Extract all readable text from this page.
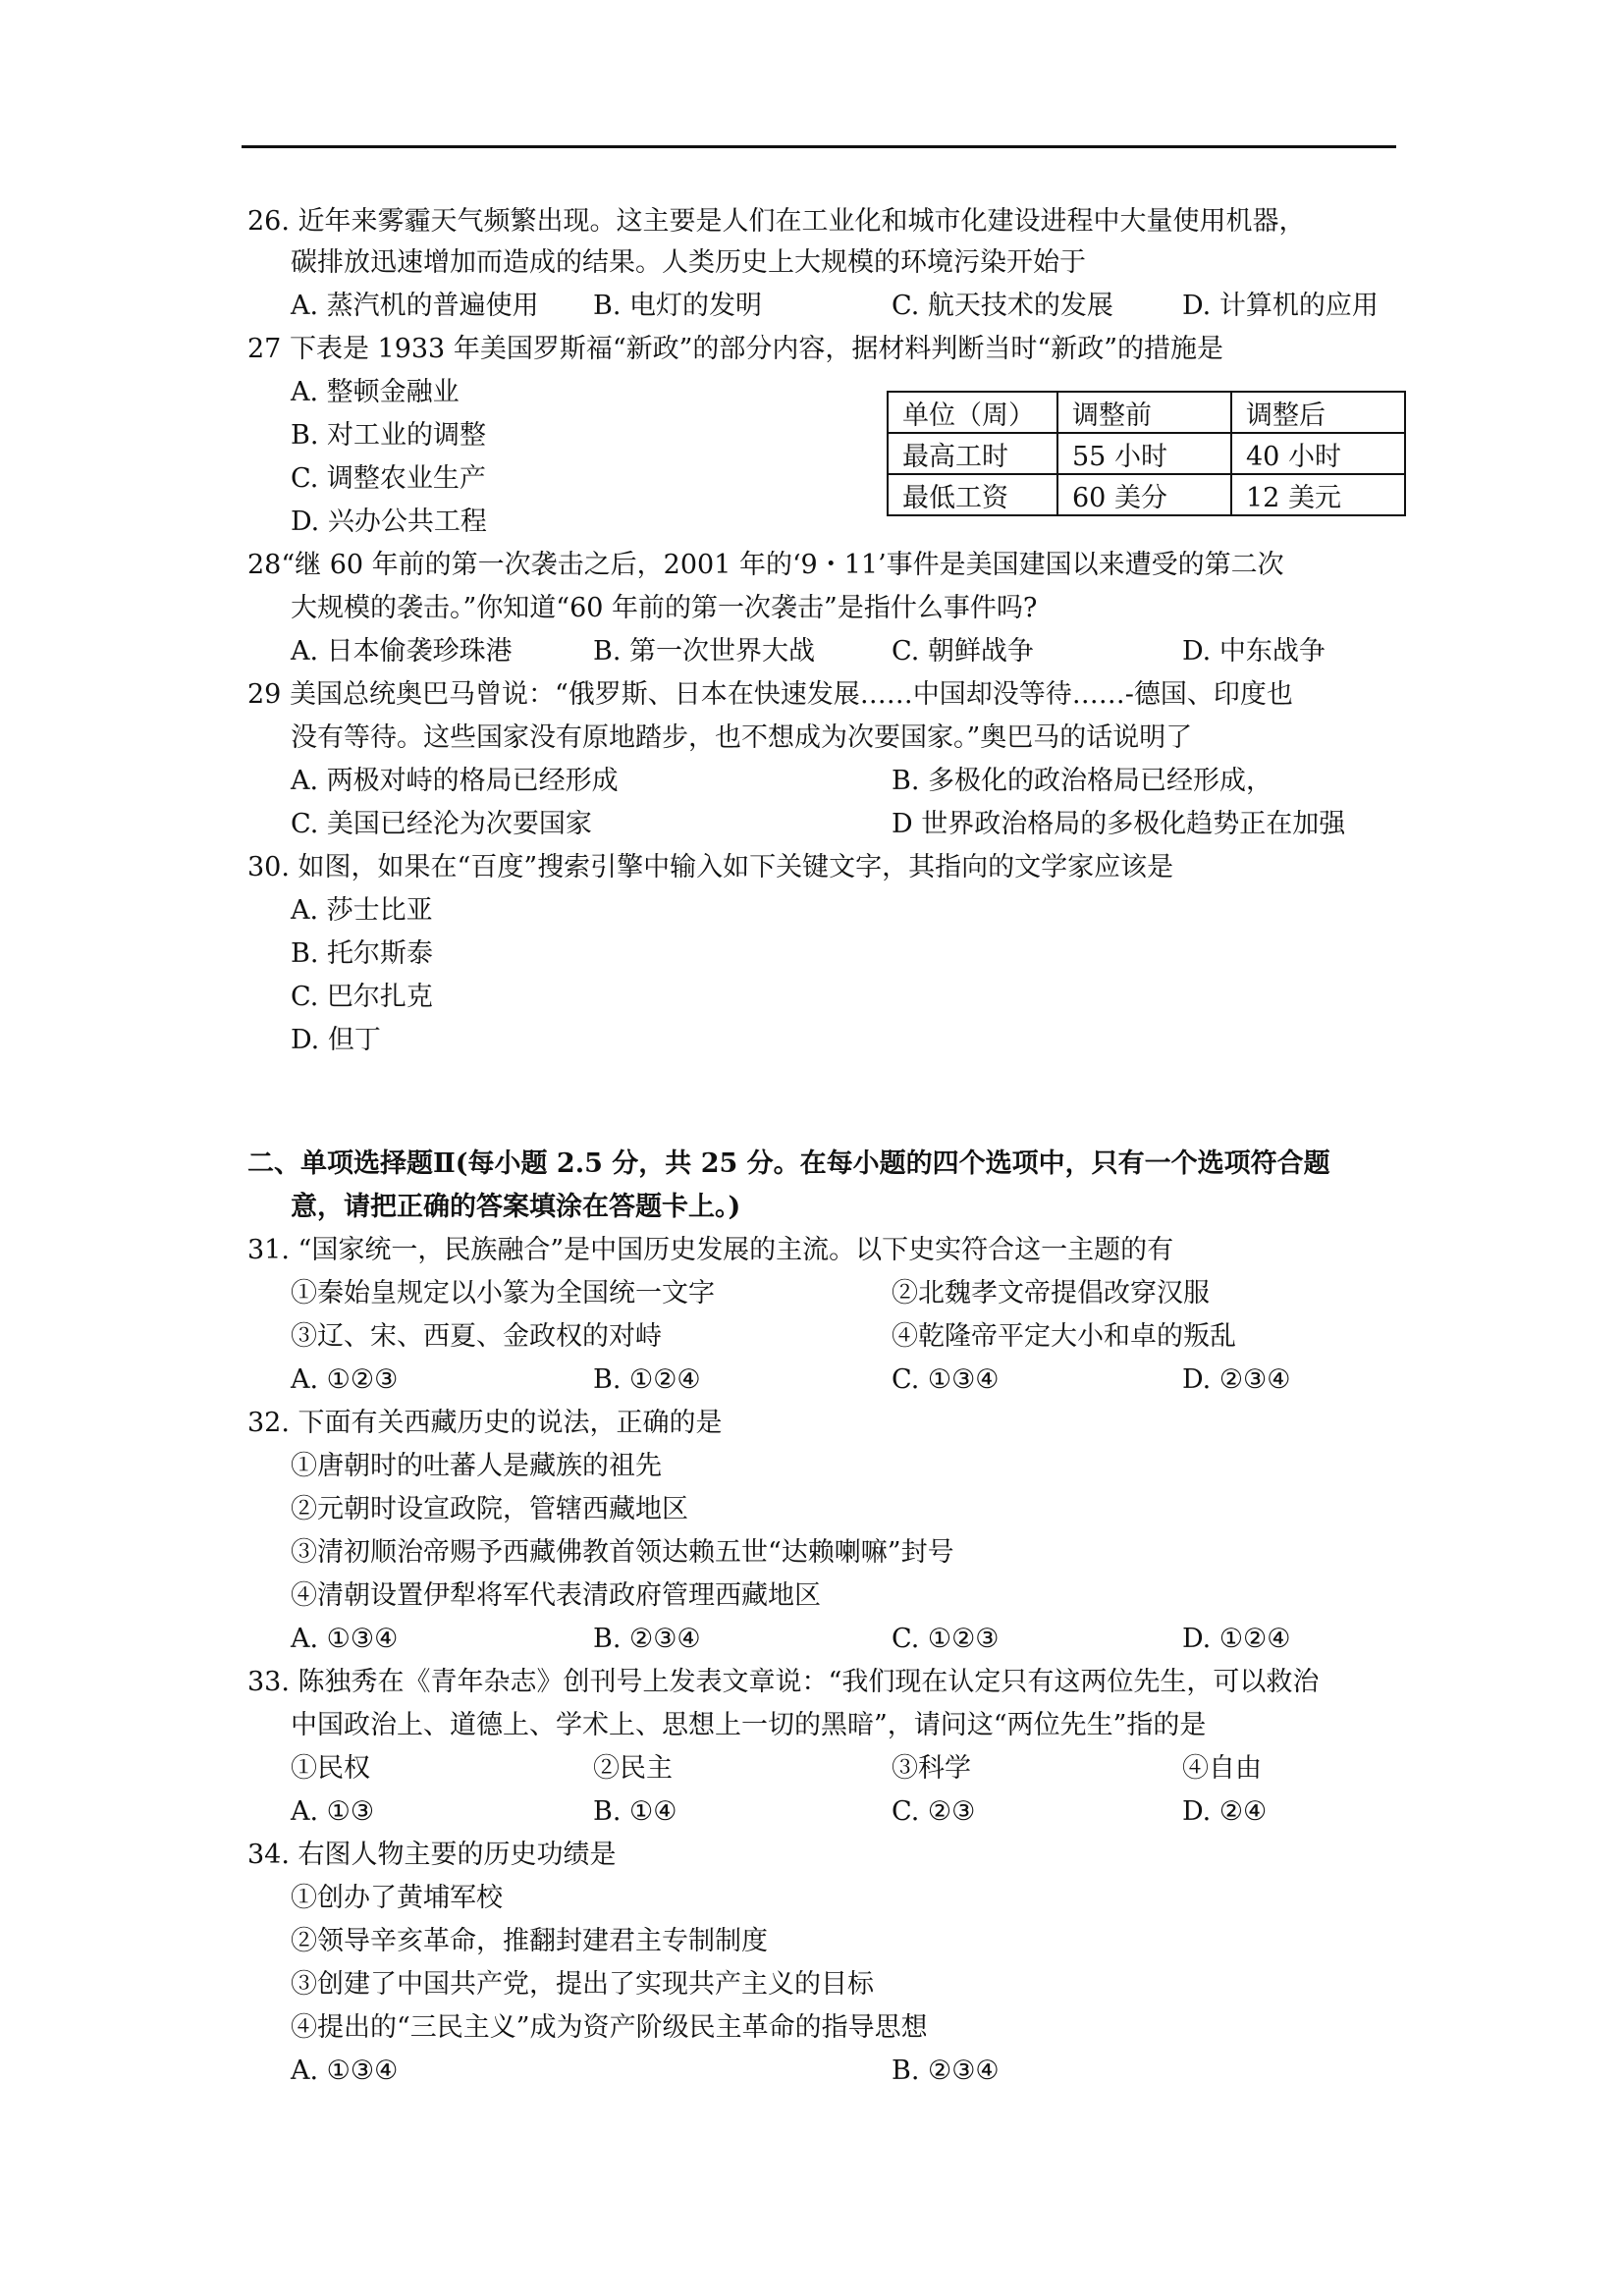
26. 近年来雾霾天气频繁出现。这主要是人们在工业化和城市化建设进程中大量使用机器，
碳排放迅速增加而造成的结果。人类历史上大规模的环境污染开始于
A. 蒸汽机的普遍使用 B. 电灯的发明	C. 航天技术的发展	D. 计算机的应用
27 下表是 1933 年美国罗斯福“新政”的部分内容，据材料判断当时“新政”的措施是
A. 整顿金融业
B. 对工业的调整
C. 调整农业生产
D. 兴办公共工程
单位（周）	调整前	调整后
最高工时	55 小时	40 小时
最低工资	60 美分	12 美元
28“继 60 年前的第一次袭击之后，2001 年的‘9・11’事件是美国建国以来遭受的第二次
大规模的袭击。”你知道“60 年前的第一次袭击”是指什么事件吗?
A. 日本偷袭珍珠港	B. 第一次世界大战	C. 朝鲜战争	D. 中东战争
29 美国总统奥巴马曾说：“俄罗斯、日本在快速发展……中国却没等待……-德国、印度也
没有等待。这些国家没有原地踏步，也不想成为次要国家。”奥巴马的话说明了
A. 两极对峙的格局已经形成	B. 多极化的政治格局已经形成，
C. 美国已经沦为次要国家	D 世界政治格局的多极化趋势正在加强
30. 如图，如果在“百度”搜索引擎中输入如下关键文字，其指向的文学家应该是
A. 莎士比亚
B. 托尔斯泰
C. 巴尔扎克
D. 但丁
二、单项选择题Ⅱ(每小题 2.5 分，共 25 分。在每小题的四个选项中，只有一个选项符合题
意，请把正确的答案填涂在答题卡上。)
31. “国家统一，民族融合”是中国历史发展的主流。以下史实符合这一主题的有
①秦始皇规定以小篆为全国统一文字	②北魏孝文帝提倡改穿汉服
③辽、宋、西夏、金政权的对峙	④乾隆帝平定大小和卓的叛乱
A. ①②③	B. ①②④	C. ①③④	D. ②③④
32. 下面有关西藏历史的说法，正确的是
①唐朝时的吐蕃人是藏族的祖先
②元朝时设宣政院，管辖西藏地区
③清初顺治帝赐予西藏佛教首领达赖五世“达赖喇嘛”封号
④清朝设置伊犁将军代表清政府管理西藏地区
A. ①③④	B. ②③④	C. ①②③	D. ①②④
33. 陈独秀在《青年杂志》创刊号上发表文章说：“我们现在认定只有这两位先生，可以救治
中国政治上、道德上、学术上、思想上一切的黑暗”，请问这“两位先生”指的是
①民权	②民主	③科学	④自由
A. ①③	B. ①④	C. ②③	D. ②④
34. 右图人物主要的历史功绩是
①创办了黄埔军校
②领导辛亥革命，推翻封建君主专制制度
③创建了中国共产党，提出了实现共产主义的目标
④提出的“三民主义”成为资产阶级民主革命的指导思想
A. ①③④	B. ②③④
